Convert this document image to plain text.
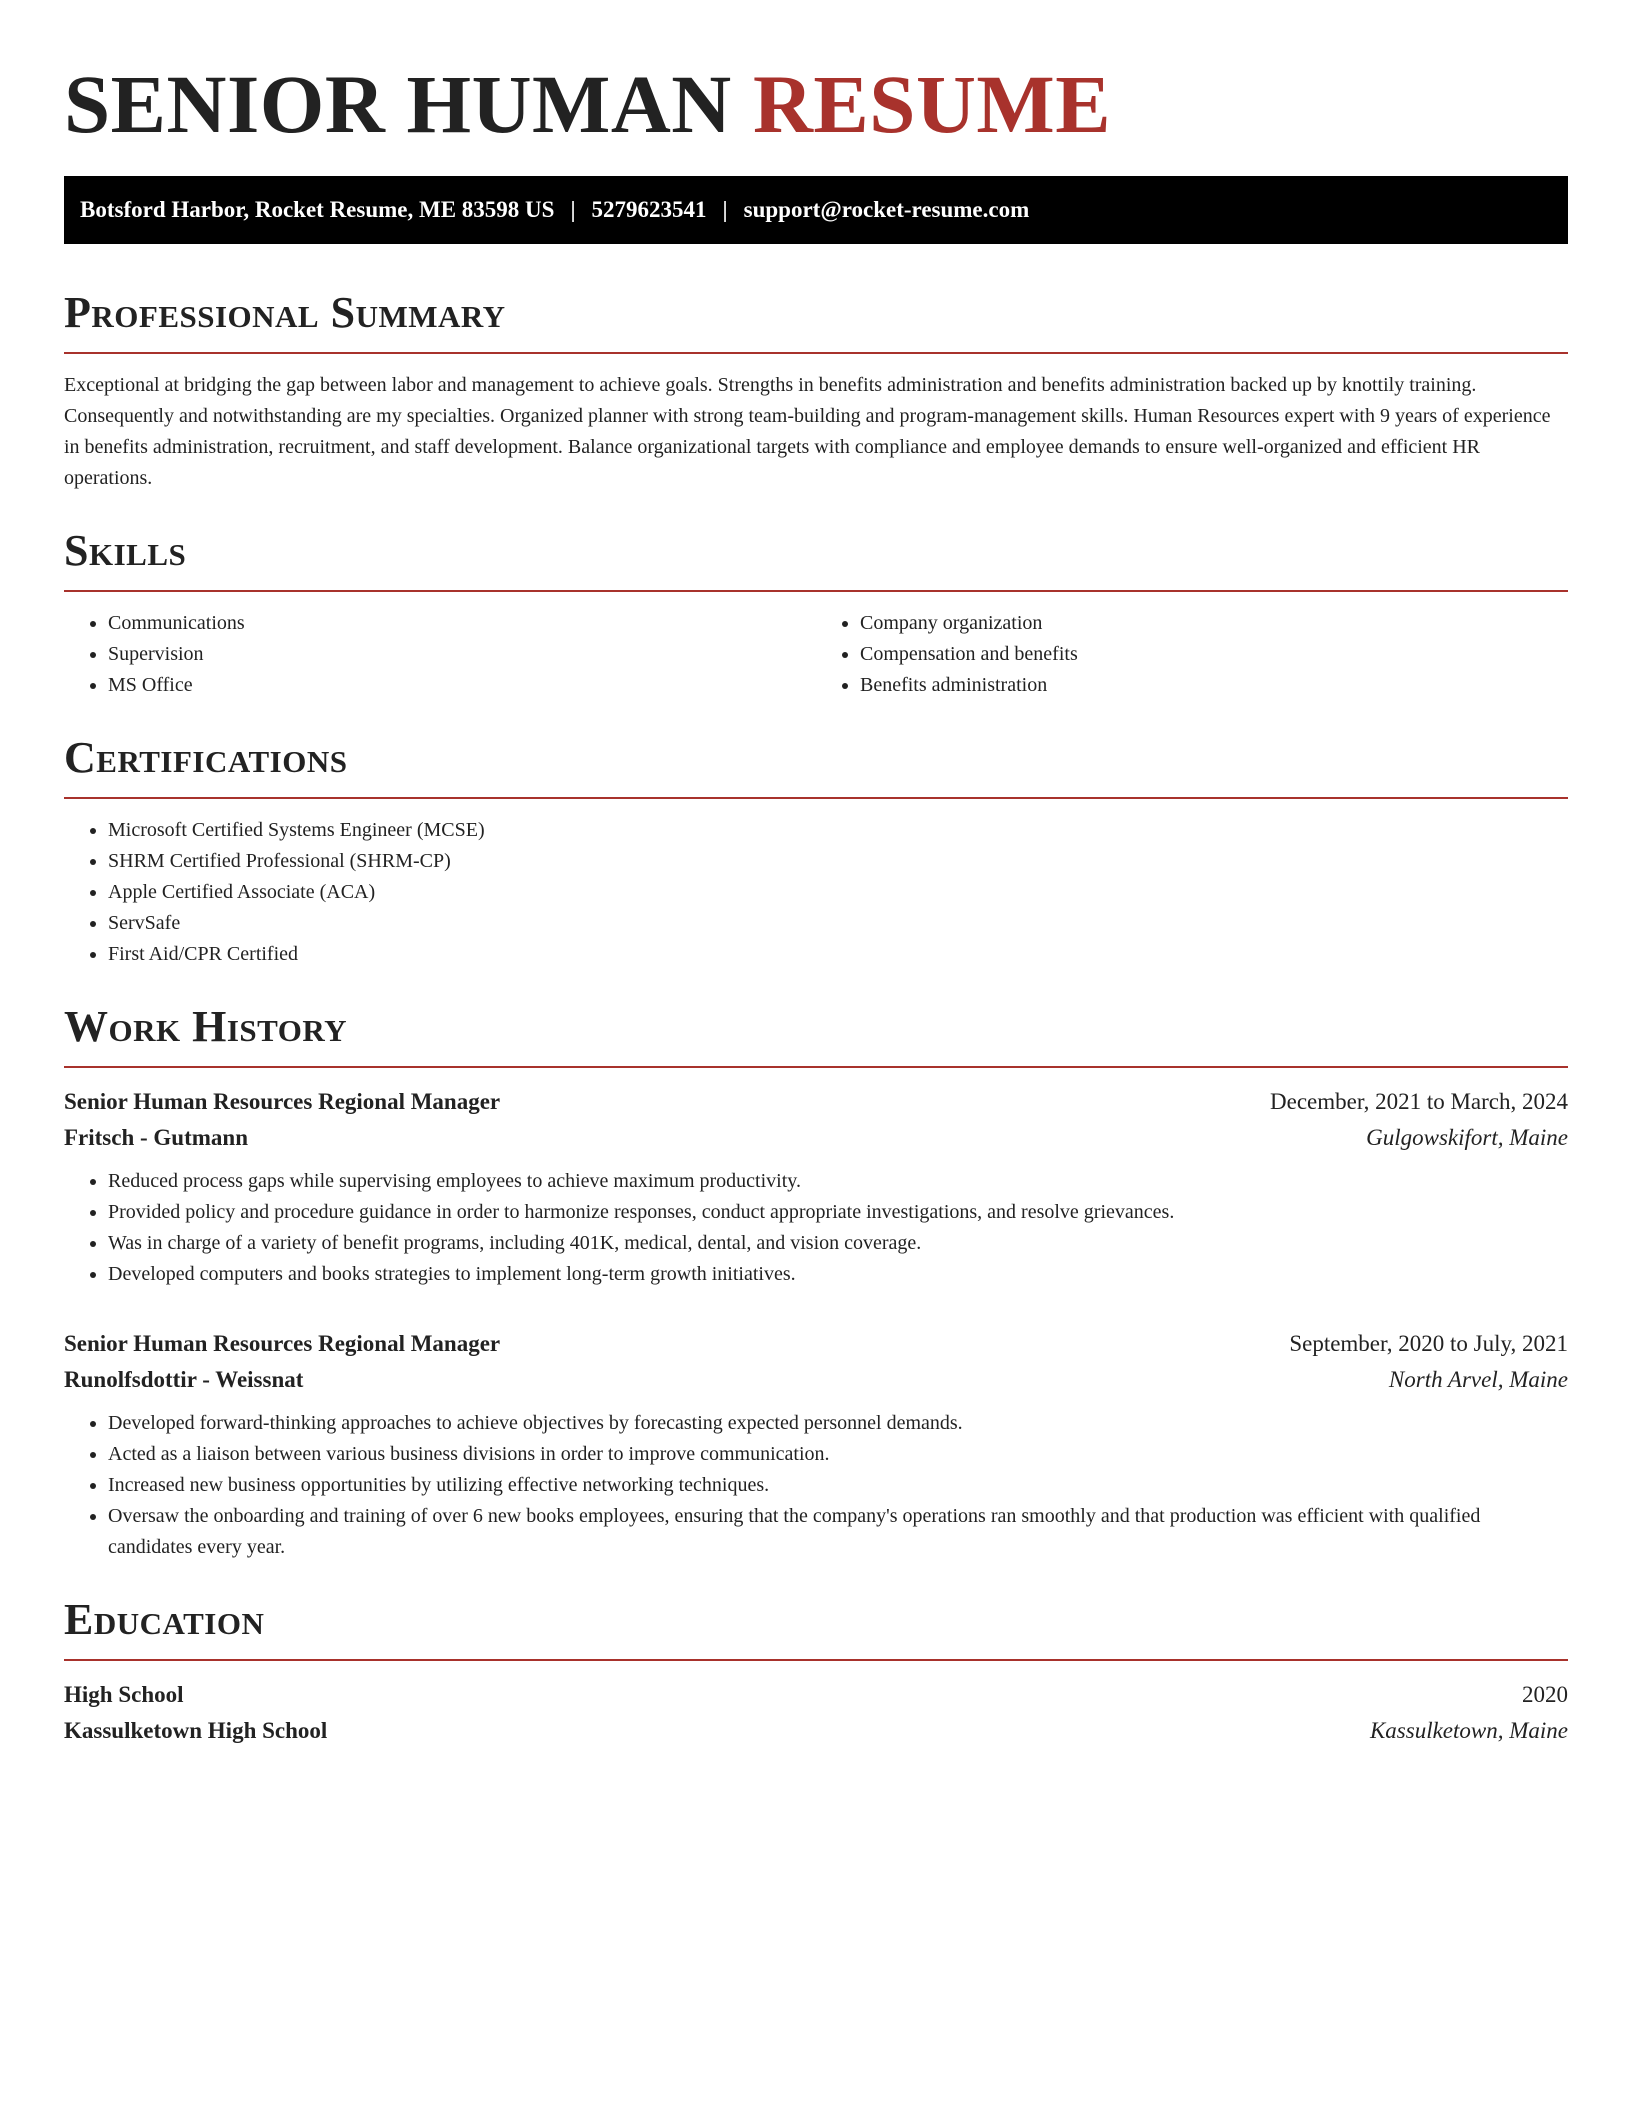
SENIOR HUMAN RESUME
Botsford Harbor, Rocket Resume, ME 83598 US | 5279623541 | support@rocket-resume.com
Professional Summary

Exceptional at bridging the gap between labor and management to achieve goals. Strengths in benefits administration and benefits administration backed up by knottily training. Consequently and notwithstanding are my specialties. Organized planner with strong team-building and program-management skills. Human Resources expert with 9 years of experience in benefits administration, recruitment, and staff development. Balance organizational targets with compliance and employee demands to ensure well-organized and efficient HR operations.

Skills
• Communications
• Supervision
• MS Office
• Company organization
• Compensation and benefits
• Benefits administration
Certifications
• Microsoft Certified Systems Engineer (MCSE)
• SHRM Certified Professional (SHRM-CP)
• Apple Certified Associate (ACA)
• ServSafe
• First Aid/CPR Certified
Work History
Senior Human Resources Regional Manager	December, 2021 to March, 2024
Fritsch - Gutmann	Gulgowskifort, Maine
• Reduced process gaps while supervising employees to achieve maximum productivity.
• Provided policy and procedure guidance in order to harmonize responses, conduct appropriate investigations, and resolve grievances.
• Was in charge of a variety of benefit programs, including 401K, medical, dental, and vision coverage.
• Developed computers and books strategies to implement long-term growth initiatives.
Senior Human Resources Regional Manager	September, 2020 to July, 2021
Runolfsdottir - Weissnat	North Arvel, Maine
• Developed forward-thinking approaches to achieve objectives by forecasting expected personnel demands.
• Acted as a liaison between various business divisions in order to improve communication.
• Increased new business opportunities by utilizing effective networking techniques.
• Oversaw the onboarding and training of over 6 new books employees, ensuring that the company's operations ran smoothly and that production was efficient with qualified candidates every year.
Education
High School	2020
Kassulketown High School	Kassulketown, Maine
